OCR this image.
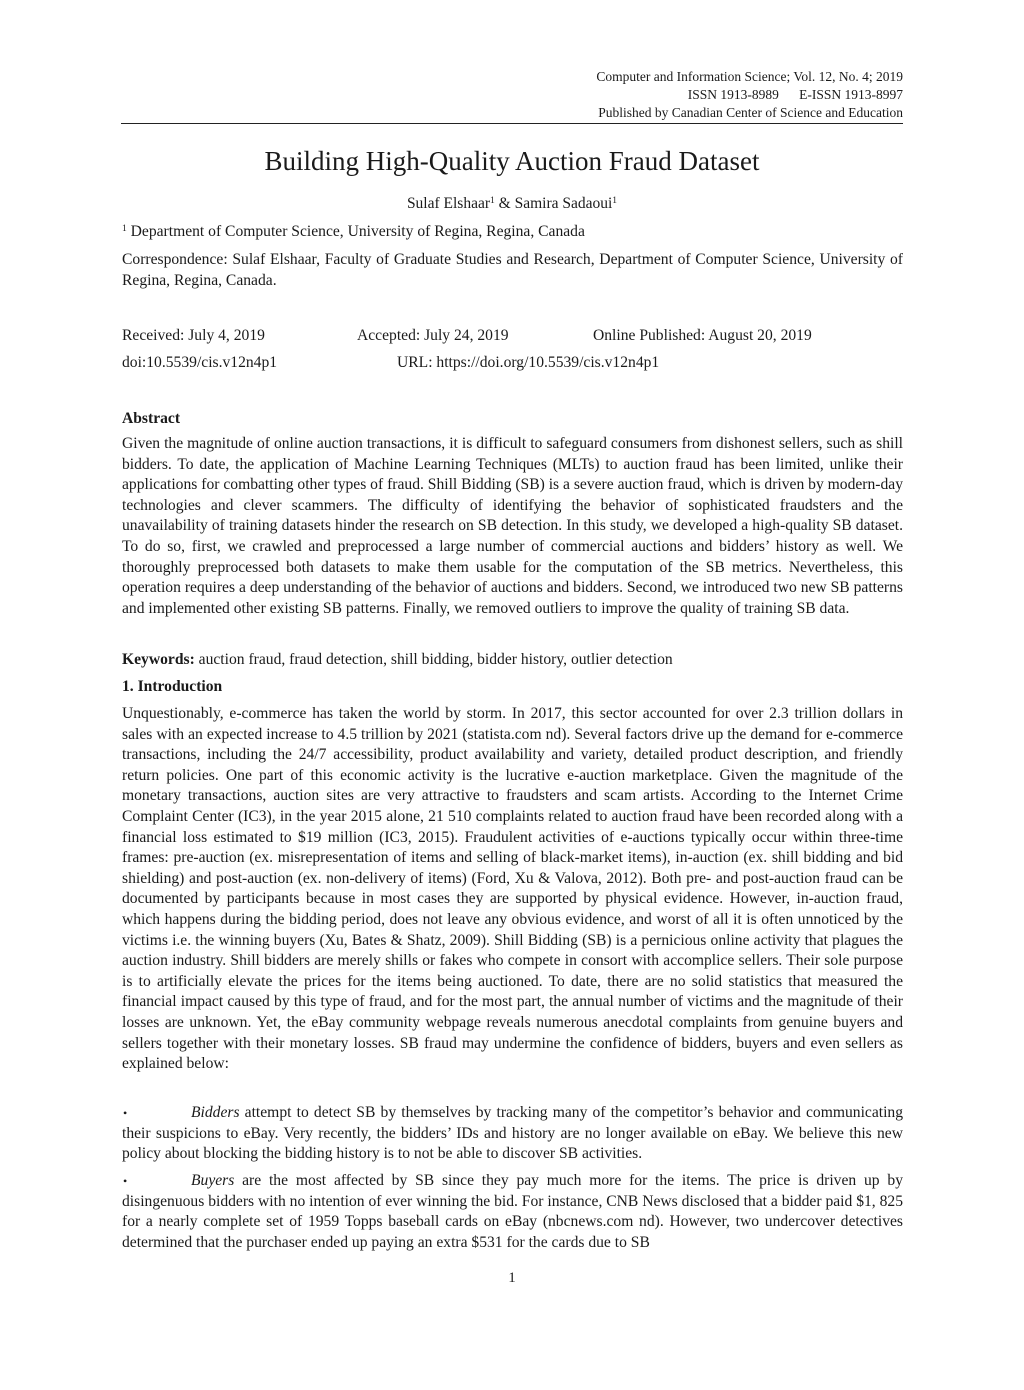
Computer and Information Science; Vol. 12, No. 4; 2019
ISSN 1913-8989      E-ISSN 1913-8997
Published by Canadian Center of Science and Education
Building High-Quality Auction Fraud Dataset
Sulaf Elshaar$^1$ & Samira Sadaoui$^1$
$^1$ Department of Computer Science, University of Regina, Regina, Canada
Correspondence: Sulaf Elshaar, Faculty of Graduate Studies and Research, Department of Computer Science, University of Regina, Regina, Canada.
Received: July 4, 2019	Accepted: July 24, 2019	Online Published: August 20, 2019
doi:10.5539/cis.v12n4p1	URL: https://doi.org/10.5539/cis.v12n4p1
Abstract
Given the magnitude of online auction transactions, it is difficult to safeguard consumers from dishonest sellers, such as shill bidders. To date, the application of Machine Learning Techniques (MLTs) to auction fraud has been limited, unlike their applications for combatting other types of fraud. Shill Bidding (SB) is a severe auction fraud, which is driven by modern-day technologies and clever scammers. The difficulty of identifying the behavior of sophisticated fraudsters and the unavailability of training datasets hinder the research on SB detection. In this study, we developed a high-quality SB dataset. To do so, first, we crawled and preprocessed a large number of commercial auctions and bidders’ history as well. We thoroughly preprocessed both datasets to make them usable for the computation of the SB metrics. Nevertheless, this operation requires a deep understanding of the behavior of auctions and bidders. Second, we introduced two new SB patterns and implemented other existing SB patterns. Finally, we removed outliers to improve the quality of training SB data.
Keywords: auction fraud, fraud detection, shill bidding, bidder history, outlier detection
1. Introduction
Unquestionably, e-commerce has taken the world by storm. In 2017, this sector accounted for over 2.3 trillion dollars in sales with an expected increase to 4.5 trillion by 2021 (statista.com nd). Several factors drive up the demand for e-commerce transactions, including the 24/7 accessibility, product availability and variety, detailed product description, and friendly return policies. One part of this economic activity is the lucrative e-auction marketplace. Given the magnitude of the monetary transactions, auction sites are very attractive to fraudsters and scam artists. According to the Internet Crime Complaint Center (IC3), in the year 2015 alone, 21 510 complaints related to auction fraud have been recorded along with a financial loss estimated to $19 million (IC3, 2015). Fraudulent activities of e-auctions typically occur within three-time frames: pre-auction (ex. misrepresentation of items and selling of black-market items), in-auction (ex. shill bidding and bid shielding) and post-auction (ex. non-delivery of items) (Ford, Xu & Valova, 2012). Both pre- and post-auction fraud can be documented by participants because in most cases they are supported by physical evidence. However, in-auction fraud, which happens during the bidding period, does not leave any obvious evidence, and worst of all it is often unnoticed by the victims i.e. the winning buyers (Xu, Bates & Shatz, 2009). Shill Bidding (SB) is a pernicious online activity that plagues the auction industry. Shill bidders are merely shills or fakes who compete in consort with accomplice sellers. Their sole purpose is to artificially elevate the prices for the items being auctioned. To date, there are no solid statistics that measured the financial impact caused by this type of fraud, and for the most part, the annual number of victims and the magnitude of their losses are unknown. Yet, the eBay community webpage reveals numerous anecdotal complaints from genuine buyers and sellers together with their monetary losses. SB fraud may undermine the confidence of bidders, buyers and even sellers as explained below:
•	Bidders attempt to detect SB by themselves by tracking many of the competitor’s behavior and communicating their suspicions to eBay. Very recently, the bidders’ IDs and history are no longer available on eBay. We believe this new policy about blocking the bidding history is to not be able to discover SB activities.
•	Buyers are the most affected by SB since they pay much more for the items. The price is driven up by disingenuous bidders with no intention of ever winning the bid. For instance, CNB News disclosed that a bidder paid $1, 825 for a nearly complete set of 1959 Topps baseball cards on eBay (nbcnews.com nd). However, two undercover detectives determined that the purchaser ended up paying an extra $531 for the cards due to SB
1
